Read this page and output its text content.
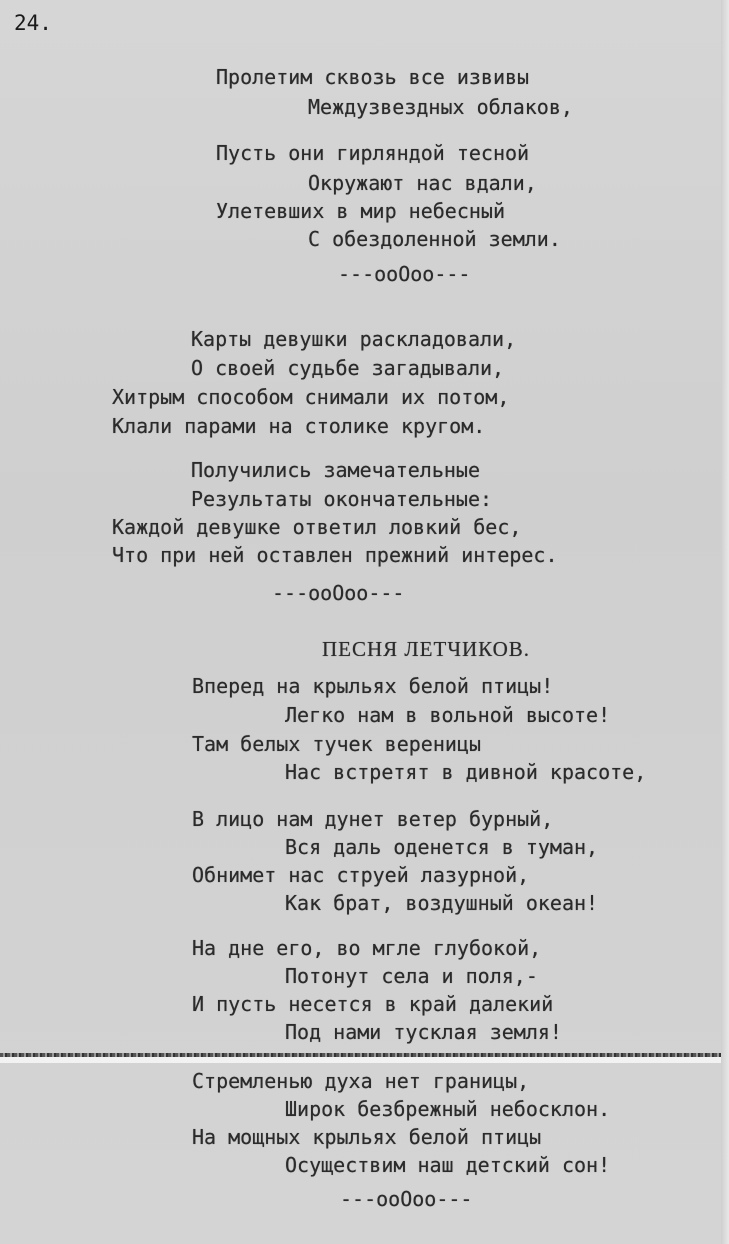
24.
Пролетим сквозь все извивы
Междузвездных облаков,
Пусть они гирляндой тесной
Окружают нас вдали,
Улетевших в мир небесный
С обездоленной земли.
---ooOoo---
Карты девушки раскладовали,
О своей судьбе загадывали,
Хитрым способом снимали их потом,
Клали парами на столике кругом.
Получились замечательные
Результаты окончательные:
Каждой девушке ответил ловкий бес,
Что при ней оставлен прежний интерес.
---ooOoo---
ПЕСНЯ ЛЕТЧИКОВ.
Вперед на крыльях белой птицы!
Легко нам в вольной высоте!
Там белых тучек вереницы
Нас встретят в дивной красоте,
В лицо нам дунет ветер бурный,
Вся даль оденется в туман,
Обнимет нас струей лазурной,
Как брат, воздушный океан!
На дне его, во мгле глубокой,
Потонут села и поля,-
И пусть несется в край далекий
Под нами тусклая земля!
Стремленью духа нет границы,
Широк безбрежный небосклон.
На мощных крыльях белой птицы
Осуществим наш детский сон!
---ooOoo---
